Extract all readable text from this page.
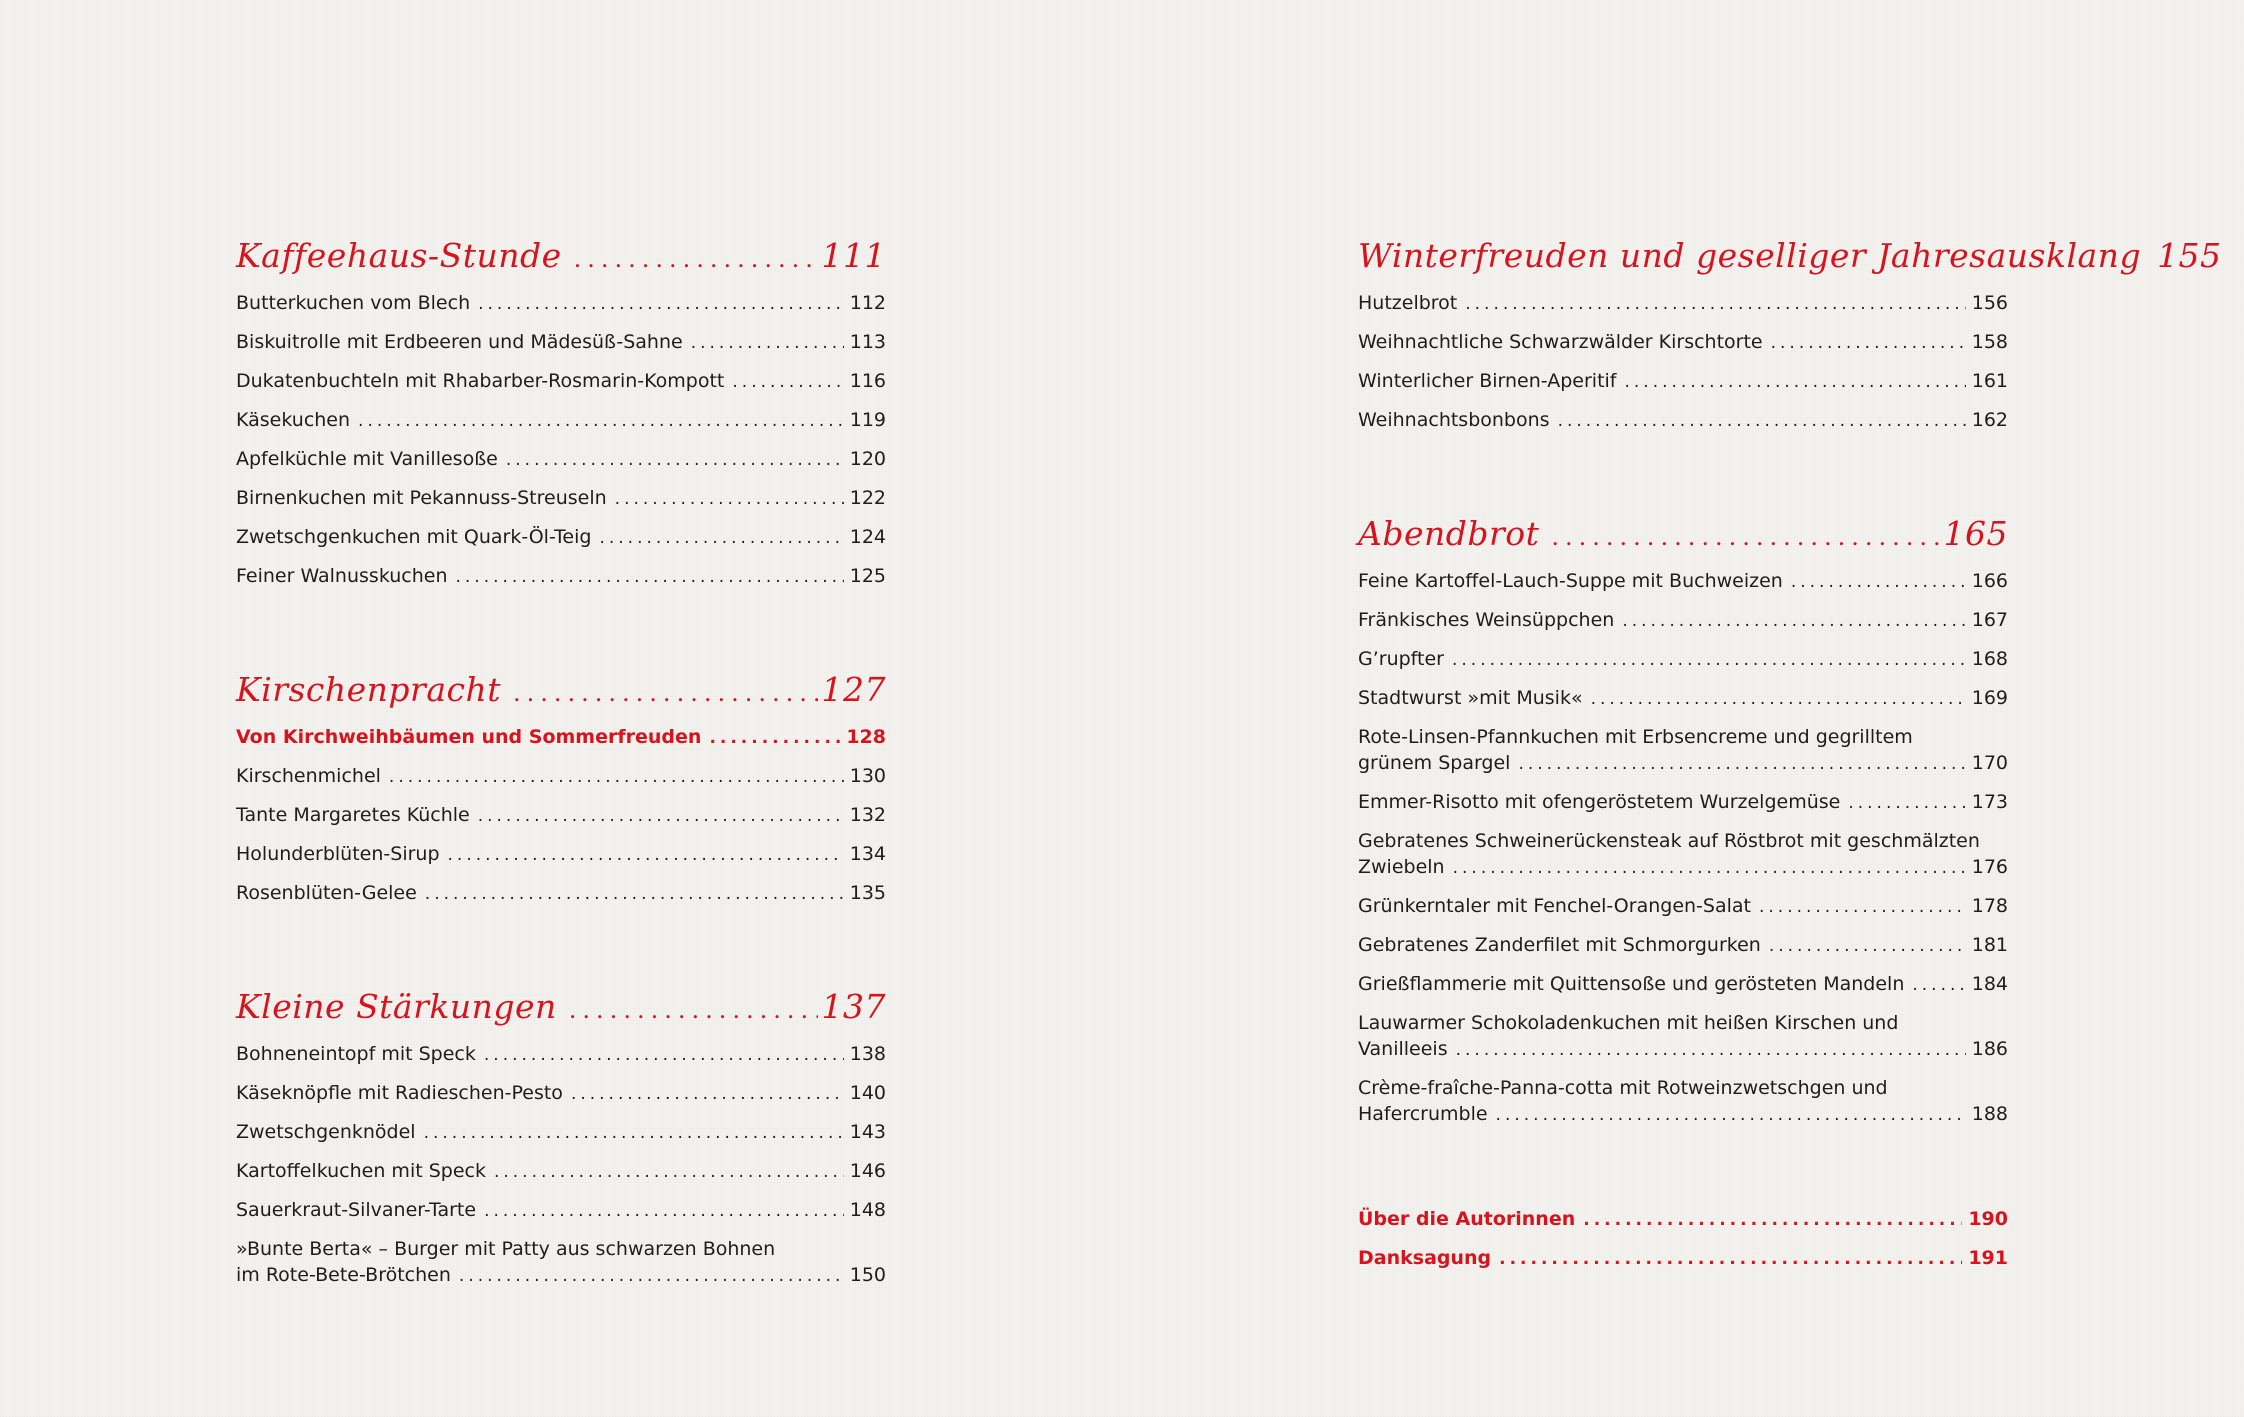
Kaffeehaus-Stunde .....	111
Butterkuchen vom Blech .....	112
Biskuitrolle mit Erdbeeren und Mädesüß-Sahne .....	113
Dukatenbuchteln mit Rhabarber-Rosmarin-Kompott .....	116
Käsekuchen .....	119
Apfelküchle mit Vanillesoße .....	120
Birnenkuchen mit Pekannuss-Streuseln .....	122
Zwetschgenkuchen mit Quark-Öl-Teig .....	124
Feiner Walnusskuchen .....	125
Kirschenpracht .....	127
Von Kirchweihbäumen und Sommerfreuden .....	128
Kirschenmichel .....	130
Tante Margaretes Küchle .....	132
Holunderblüten-Sirup .....	134
Rosenblüten-Gelee .....	135
Kleine Stärkungen .....	137
Bohneneintopf mit Speck .....	138
Käseknöpfle mit Radieschen-Pesto .....	140
Zwetschgenknödel .....	143
Kartoffelkuchen mit Speck .....	146
Sauerkraut-Silvaner-Tarte .....	148
»Bunte Berta« – Burger mit Patty aus schwarzen Bohnen
im Rote-Bete-Brötchen .....	150
Winterfreuden und geselliger Jahresausklang 155
Hutzelbrot .....	156
Weihnachtliche Schwarzwälder Kirschtorte .....	158
Winterlicher Birnen-Aperitif .....	161
Weihnachtsbonbons .....	162
Abendbrot .....	165
Feine Kartoffel-Lauch-Suppe mit Buchweizen .....	166
Fränkisches Weinsüppchen .....	167
G’rupfter .....	168
Stadtwurst »mit Musik« .....	169
Rote-Linsen-Pfannkuchen mit Erbsencreme und gegrilltem
grünem Spargel .....	170
Emmer-Risotto mit ofengeröstetem Wurzelgemüse .....	173
Gebratenes Schweinerückensteak auf Röstbrot mit geschmälzten
Zwiebeln .....	176
Grünkerntaler mit Fenchel-Orangen-Salat .....	178
Gebratenes Zanderfilet mit Schmorgurken .....	181
Grießflammerie mit Quittensoße und gerösteten Mandeln .....	184
Lauwarmer Schokoladenkuchen mit heißen Kirschen und
Vanilleeis .....	186
Crème-fraîche-Panna-cotta mit Rotweinzwetschgen und
Hafercrumble .....	188
Über die Autorinnen .....	190
Danksagung .....	191
